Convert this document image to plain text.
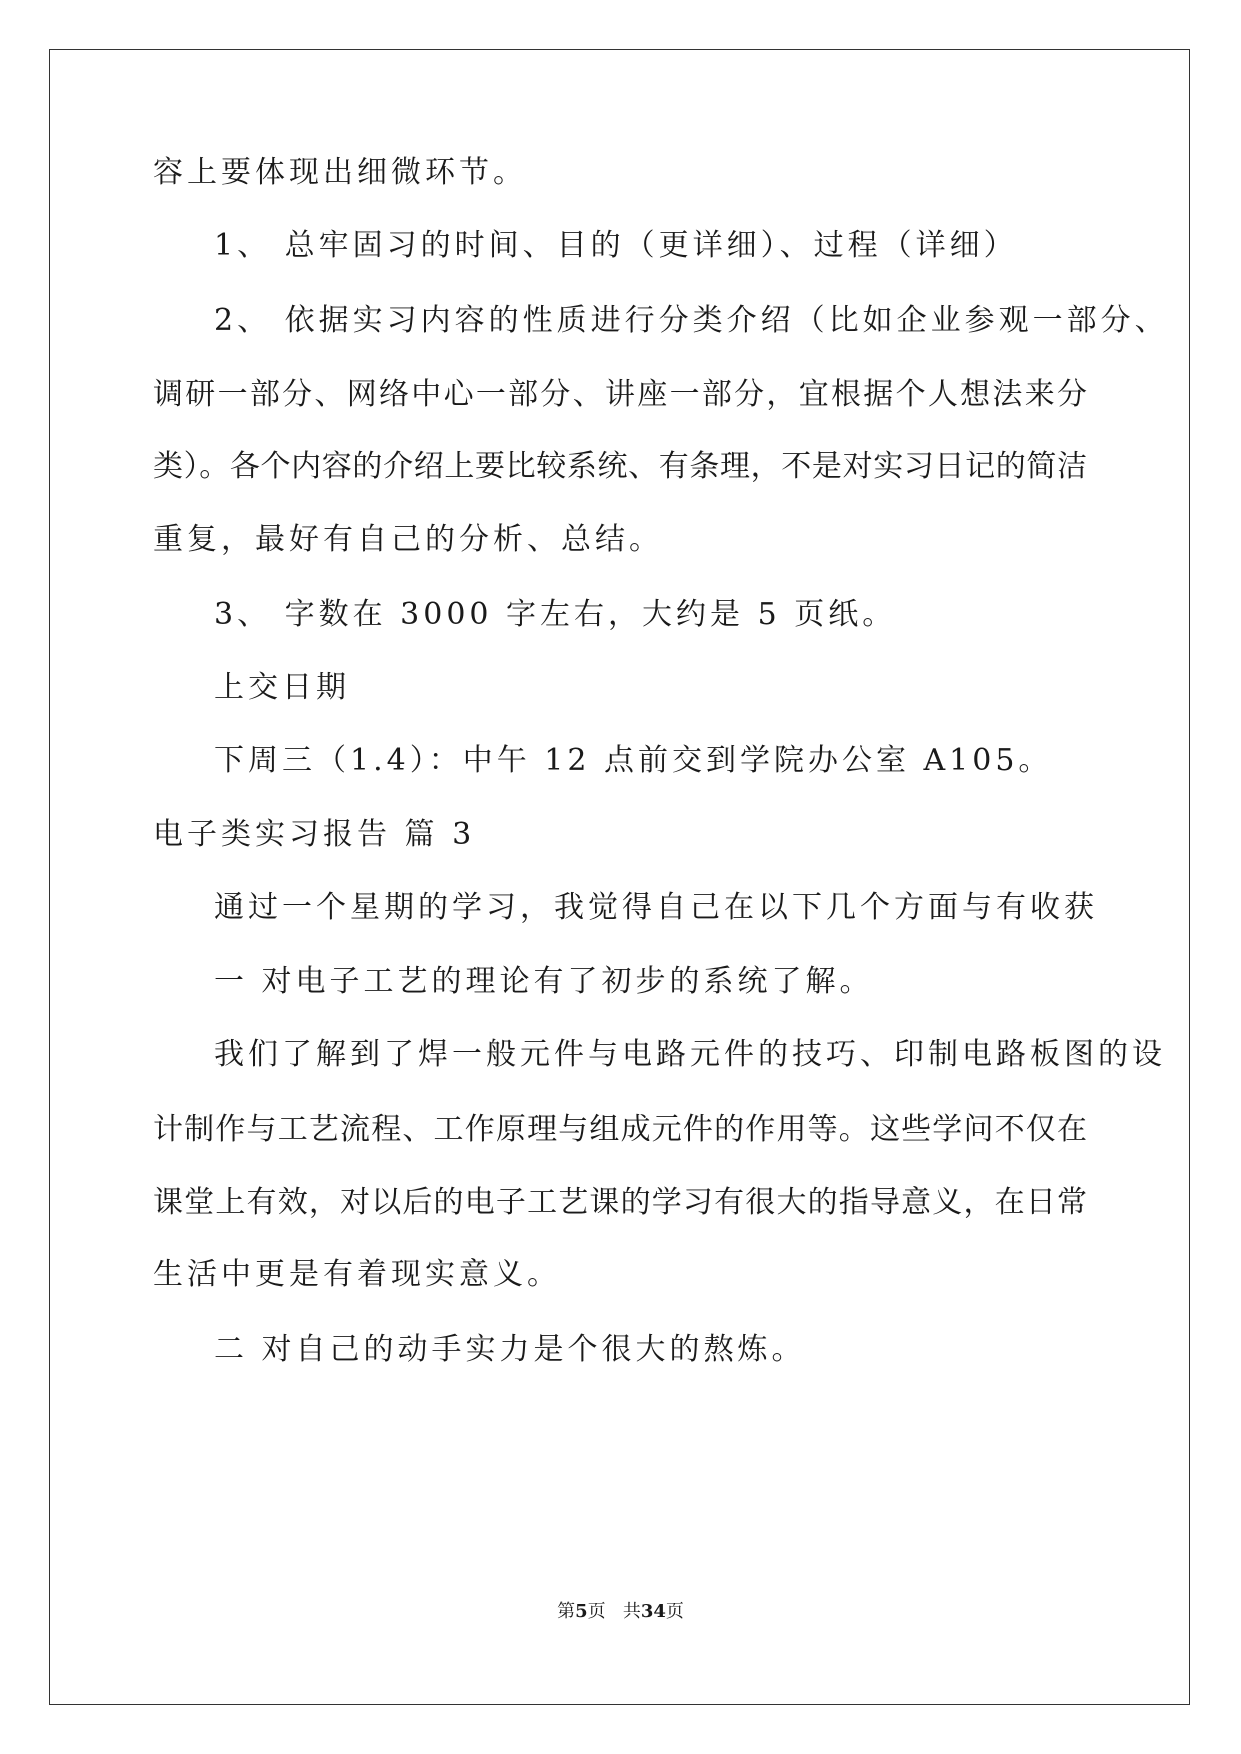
容上要体现出细微环节。
1、 总牢固习的时间、目的（更详细）、过程（详细）
2、 依据实习内容的性质进行分类介绍（比如企业参观一部分、
调研一部分、网络中心一部分、讲座一部分，宜根据个人想法来分
类）。各个内容的介绍上要比较系统、有条理，不是对实习日记的简洁
重复，最好有自己的分析、总结。
3、 字数在 3000 字左右，大约是 5 页纸。
上交日期
下周三（1.4）：中午 12 点前交到学院办公室 A105。
电子类实习报告 篇 3
通过一个星期的学习，我觉得自己在以下几个方面与有收获
一 对电子工艺的理论有了初步的系统了解。
我们了解到了焊一般元件与电路元件的技巧、印制电路板图的设
计制作与工艺流程、工作原理与组成元件的作用等。这些学问不仅在
课堂上有效，对以后的电子工艺课的学习有很大的指导意义，在日常
生活中更是有着现实意义。
二 对自己的动手实力是个很大的熬炼。
第5页 共34页
